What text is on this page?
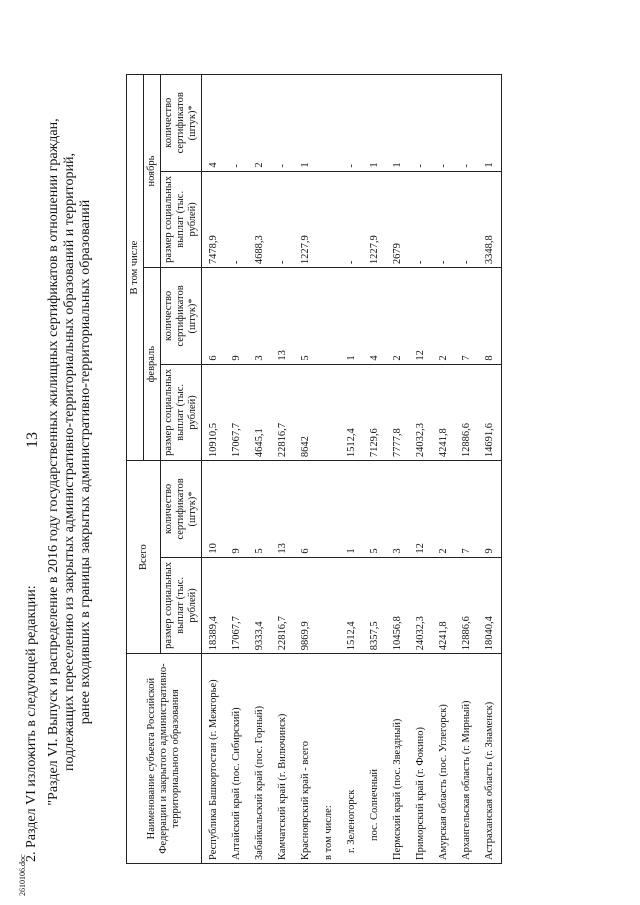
13
2. Раздел VI изложить в следующей редакции: "Раздел VI. Выпуск и распределение в 2016 году государственных жилищных сертификатов в отношении граждан, подлежащих переселению из закрытых административно-территориальных образований и территорий, ранее входивших в границы закрытых административно-территориальных образований
Наименование субъекта Российской Федерации и закрытого административно-территориального образования	Всего		В том числе			
			февраль		ноябрь	
	размер социальных выплат (тыс. рублей)	количество сертификатов (штук)*	размер социальных выплат (тыс. рублей)	количество сертификатов (штук)*	размер социальных выплат (тыс. рублей)	количество сертификатов (штук)*
Республика Башкортостан (г. Межгорье)	18389,4	10	10910,5	6	7478,9	4
Алтайский край (пос. Сибирский)	17067,7	9	17067,7	9	-	-
Забайкальский край (пос. Горный)	9333,4	5	4645,1	3	4688,3	2
Камчатский край (г. Вилючинск)	22816,7	13	22816,7	13	-	-
Красноярский край - всего	9869,9	6	8642	5	1227,9	1
в том числе:						
г. Зеленогорск	1512,4	1	1512,4	1	-	-
пос. Солнечный	8357,5	5	7129,6	4	1227,9	1
Пермский край (пос. Звездный)	10456,8	3	7777,8	2	2679	1
Приморский край (г. Фокино)	24032,3	12	24032,3	12	-	-
Амурская область (пос. Углегорск)	4241,8	2	4241,8	2	-	-
Архангельская область (г. Мирный)	12886,6	7	12886,6	7	-	-
Астраханская область (г. Знаменск)	18040,4	9	14691,6	8	3348,8	1
2610106.doc
